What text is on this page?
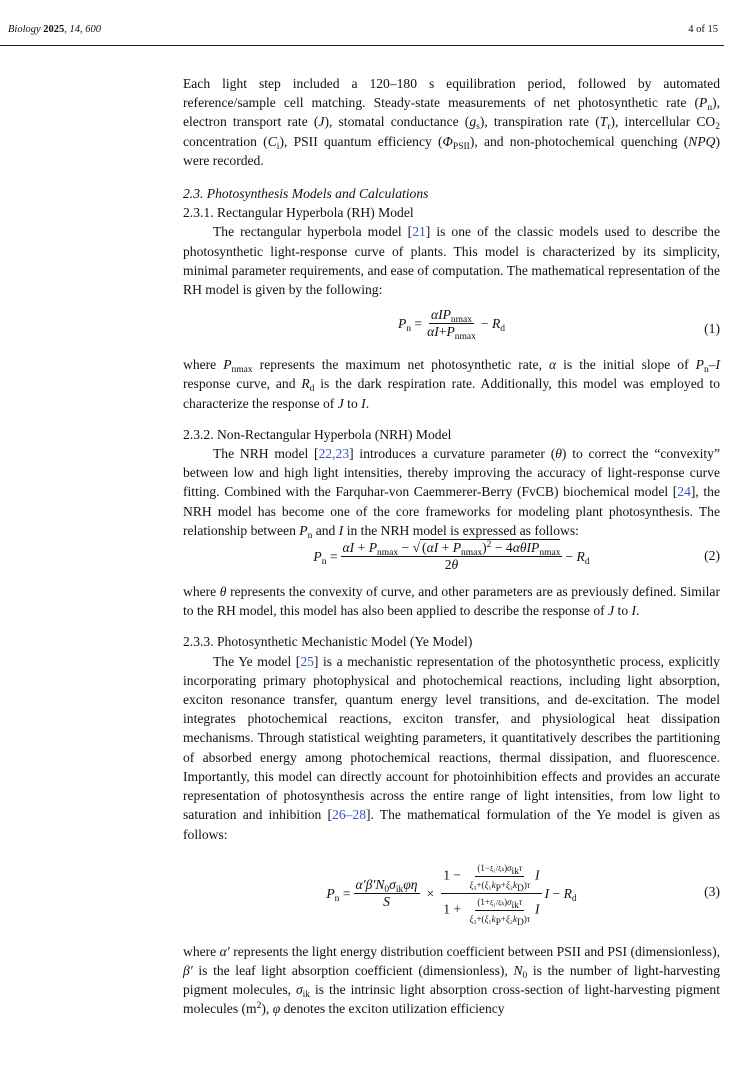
Biology 2025, 14, 600	4 of 15

Each light step included a 120–180 s equilibration period, followed by automated reference/sample cell matching. Steady-state measurements of net photosynthetic rate $(P_n)$, electron transport rate (J), stomatal conductance $(g_s)$, transpiration rate $(T_r)$, intercellular $CO_2$ concentration $(C_i)$, PSII quantum efficiency $(\Phi_{PSII})$, and non-photochemical quenching (NPQ) were recorded.

2.3. Photosynthesis Models and Calculations
2.3.1. Rectangular Hyperbola (RH) Model

The rectangular hyperbola model [21] is one of the classic models used to describe the photosynthetic light-response curve of plants. This model is characterized by its simplicity, minimal parameter requirements, and ease of computation. The mathematical representation of the RH model is given by the following:

$P_n = \frac{\alpha IP_{nmax}}{\alpha I+P_{nmax}} - R_d$	(1)

where $P_{nmax}$ represents the maximum net photosynthetic rate, α is the initial slope of $P_n-I$ response curve, and $R_d$ is the dark respiration rate. Additionally, this model was employed to characterize the response of J to I.

2.3.2. Non-Rectangular Hyperbola (NRH) Model

The NRH model [22,23] introduces a curvature parameter (θ) to correct the “convexity” between low and high light intensities, thereby improving the accuracy of light-response curve fitting. Combined with the Farquhar-von Caemmerer-Berry (FvCB) biochemical model [24], the NRH model has become one of the core frameworks for modeling plant photosynthesis. The relationship between $P_n$ and I in the NRH model is expressed as follows:

$P_n = \frac{\alpha I + P_{nmax} - √ (\alpha I + P_{nmax})^2 - 4\alpha\theta IP_{nmax}}{2\theta} - R_d$	(2)

where θ represents the convexity of curve, and other parameters are as previously defined. Similar to the RH model, this model has also been applied to describe the response of J to I.

2.3.3. Photosynthetic Mechanistic Model (Ye Model)

The Ye model [25] is a mechanistic representation of the photosynthetic process, explicitly incorporating primary photophysical and photochemical reactions, including light absorption, exciton resonance transfer, quantum energy level transitions, and de-excitation. The model integrates photochemical reactions, exciton transfer, and physiological heat dissipation mechanisms. Through statistical weighting parameters, it quantitatively describes the partitioning of absorbed energy among photochemical reactions, thermal dissipation, and fluorescence. Importantly, this model can directly account for photoinhibition effects and provides an accurate representation of photosynthesis across the entire range of light intensities, from low light to saturation and inhibition [26–28]. The mathematical formulation of the Ye model is given as follows:

$P_n = \frac{\alpha'\beta'N_0\sigma_{ik}\varphi\eta}{S} \times \frac{1 - \frac{(1-\xi_1/\xi_k)\sigma_{ik}\tau}{\xi_3+(\xi_1k_P+\xi_2k_D)\tau} I}{1 + \frac{(1+\xi_1/\xi_k)\sigma_{ik}\tau}{\xi_3+(\xi_1k_P+\xi_2k_D)\tau} I}$ $I - R_d$	(3)

where α′ represents the light energy distribution coefficient between PSII and PSI (dimensionless), β′ is the leaf light absorption coefficient (dimensionless), $N_0$ is the number of light-harvesting pigment molecules, $\sigma_{ik}$ is the intrinsic light absorption cross-section of light-harvesting pigment molecules $(m^2)$, φ denotes the exciton utilization efficiency
